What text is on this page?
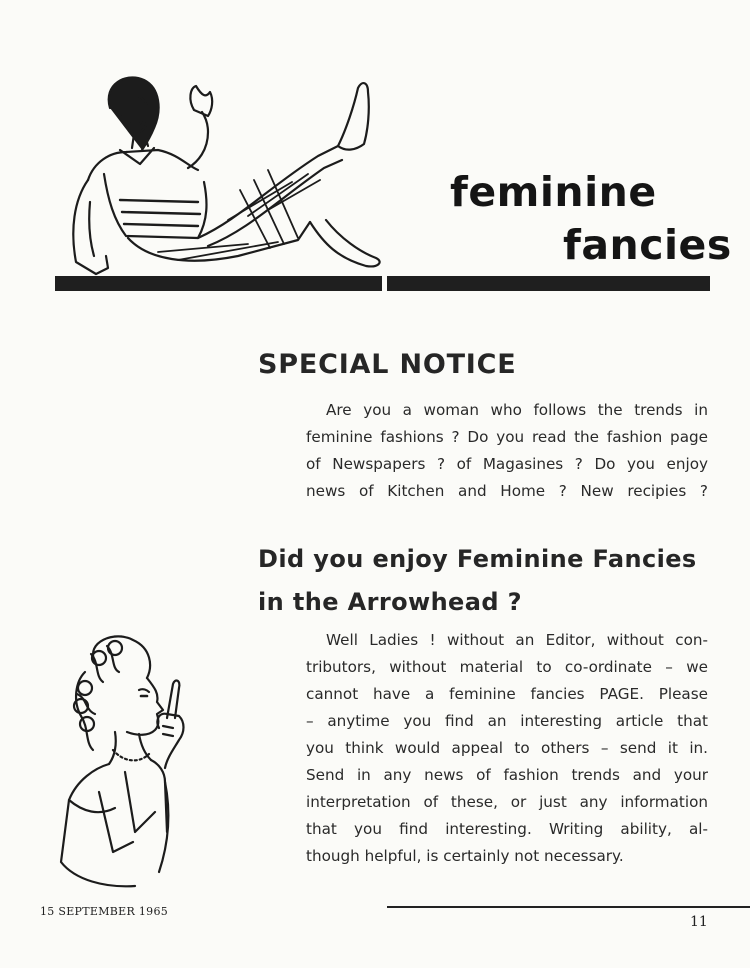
feminine
fancies
SPECIAL NOTICE
Are you a woman who follows the trends in
feminine fashions ? Do you read the fashion page
of Newspapers ? of Magasines ? Do you enjoy
news of Kitchen and Home ? New recipies ?
Did you enjoy Feminine Fancies
in the Arrowhead ?
Well Ladies ! without an Editor, without con-
tributors, without material to co-ordinate – we
cannot have a feminine fancies PAGE. Please
– anytime you find an interesting article that
you think would appeal to others – send it in.
Send in any news of fashion trends and your
interpretation of these, or just any information
that you find interesting. Writing ability, al-
though helpful, is certainly not necessary.
15 SEPTEMBER 1965
11
